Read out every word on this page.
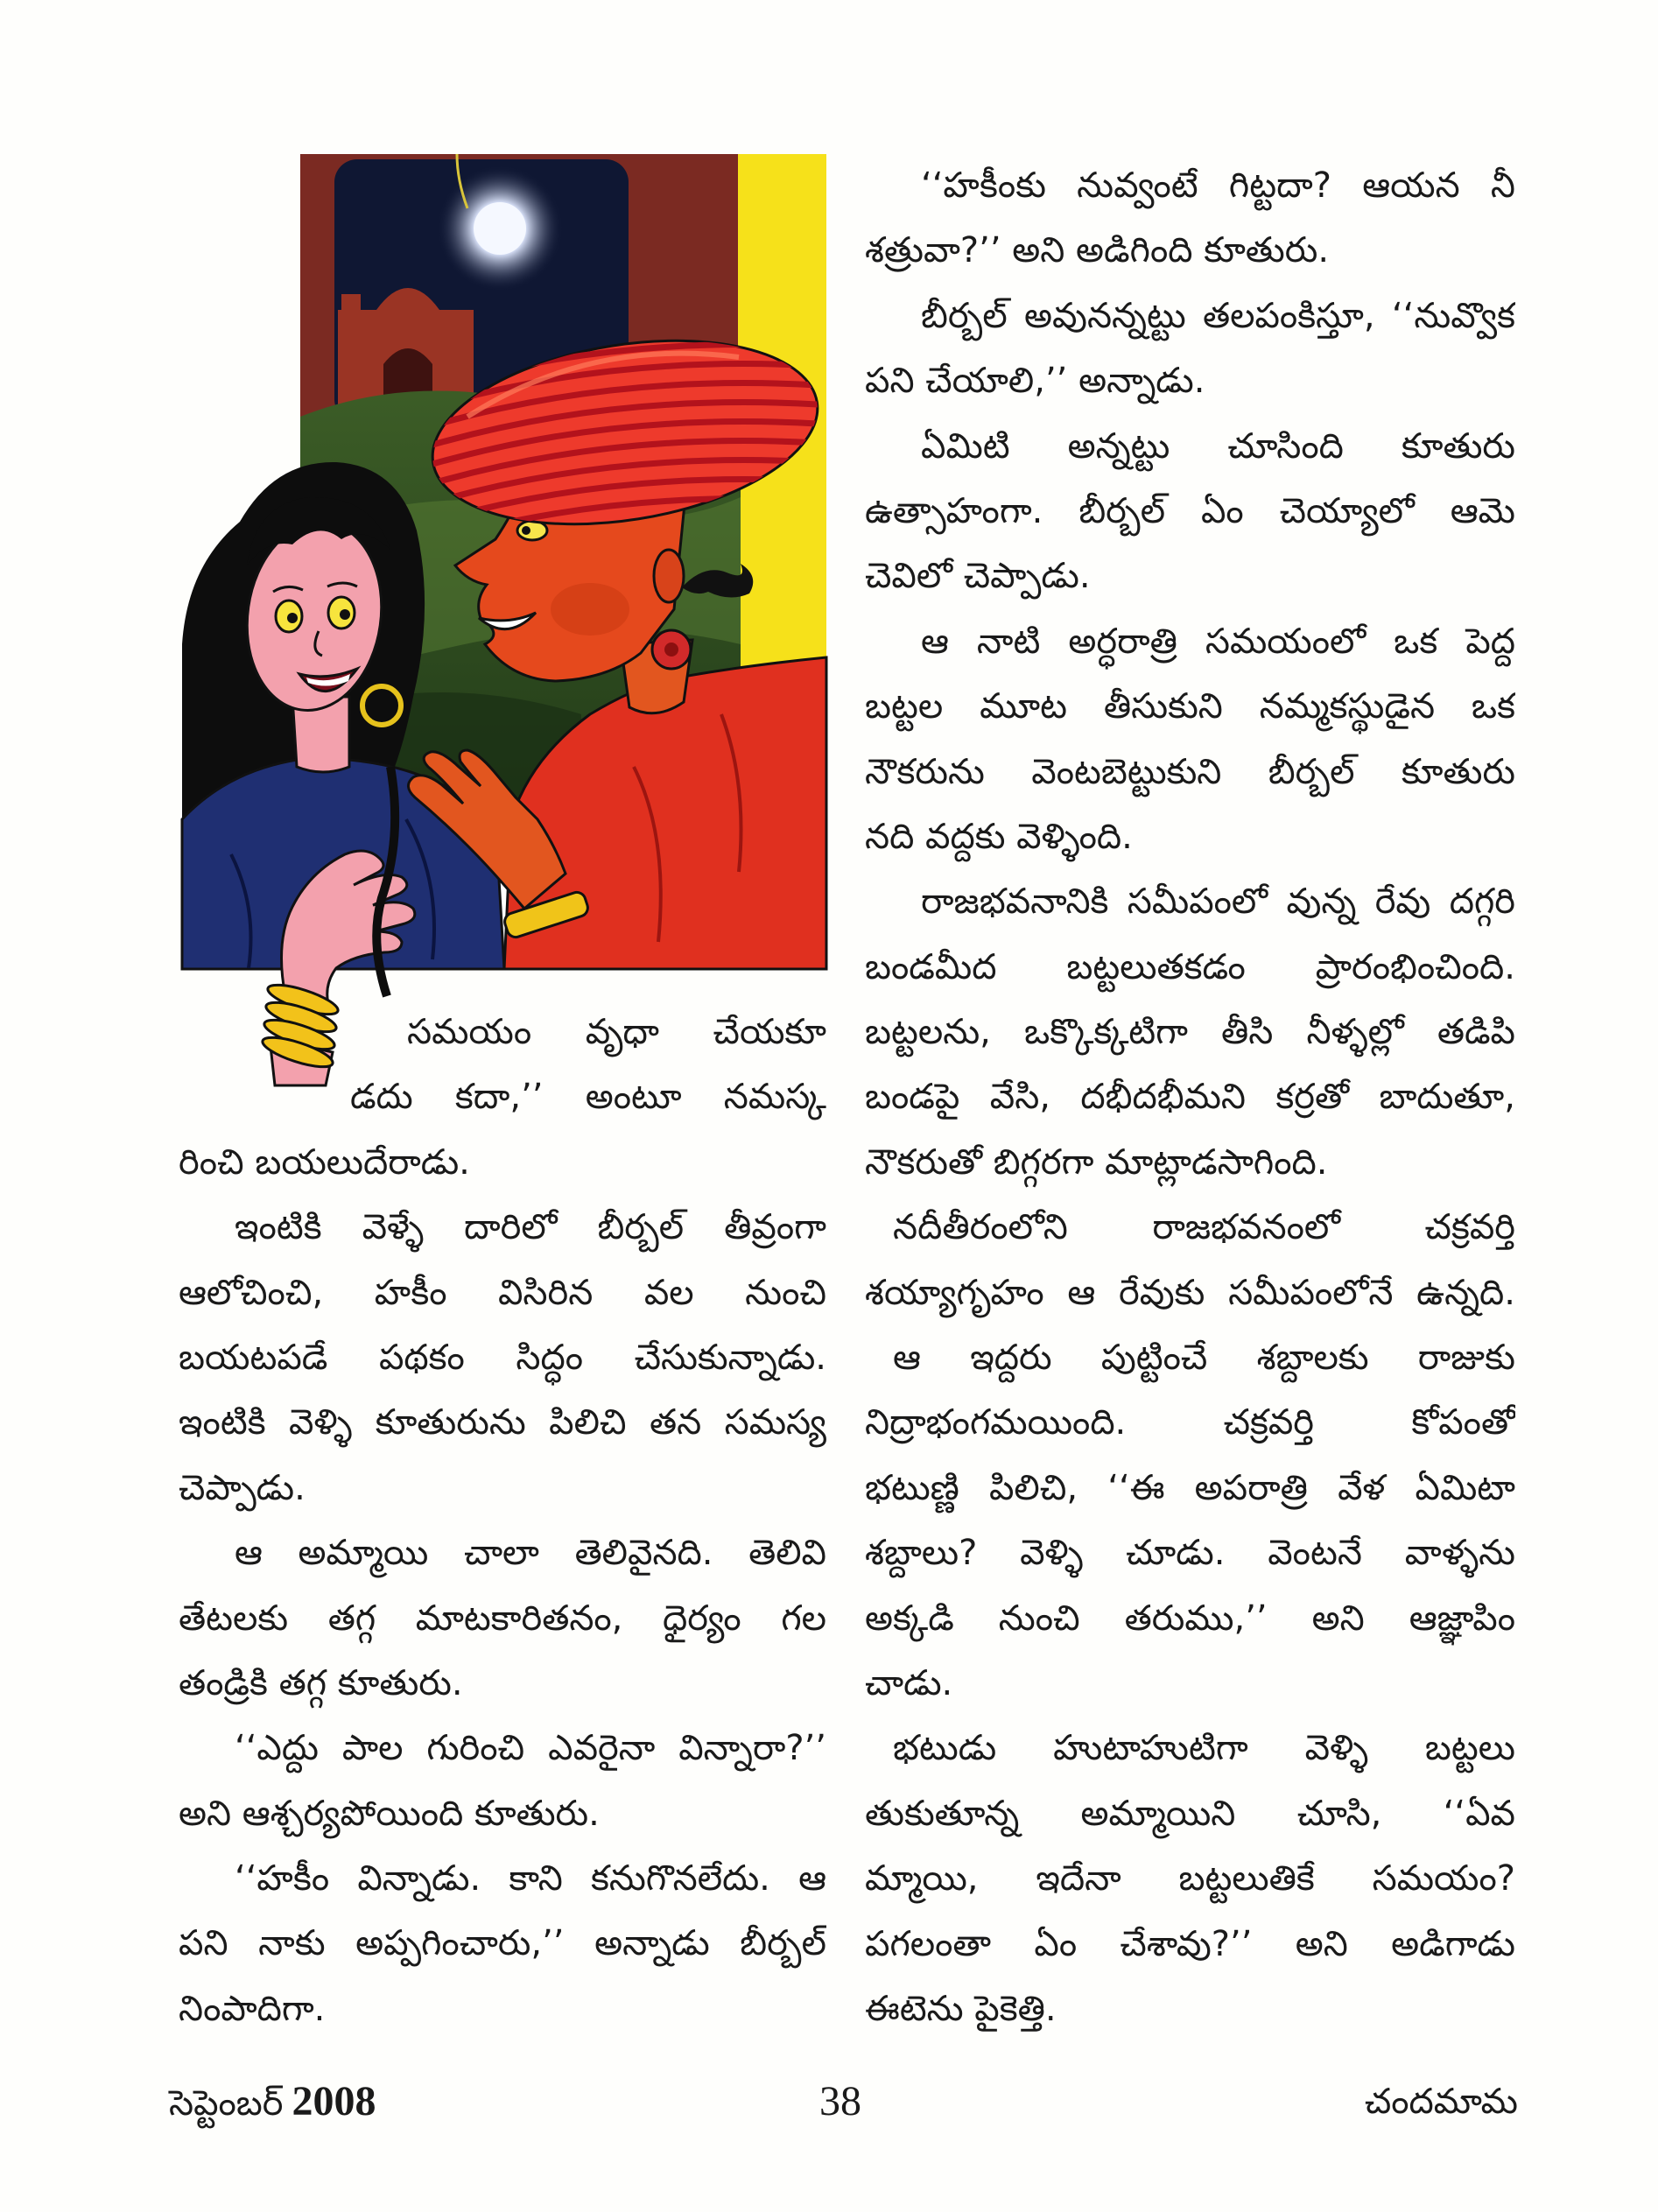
సమయం వృధా చేయకూ
డదు కదా,’’ అంటూ నమస్క
రించి బయలుదేరాడు.
ఇంటికి వెళ్ళే దారిలో బీర్బల్ తీవ్రంగా
ఆలోచించి, హకీం విసిరిన వల నుంచి
బయటపడే పథకం సిద్ధం చేసుకున్నాడు.
ఇంటికి వెళ్ళి కూతురును పిలిచి తన సమస్య
చెప్పాడు.
ఆ అమ్మాయి చాలా తెలివైనది. తెలివి
తేటలకు తగ్గ మాటకారితనం, ధైర్యం గల
తండ్రికి తగ్గ కూతురు.
‘‘ఎద్దు పాల గురించి ఎవరైనా విన్నారా?’’
అని ఆశ్చర్యపోయింది కూతురు.
‘‘హకీం విన్నాడు. కాని కనుగొనలేదు. ఆ
పని నాకు అప్పగించారు,’’ అన్నాడు బీర్బల్
నింపాదిగా.
‘‘హకీంకు నువ్వంటే గిట్టదా? ఆయన నీ
శత్రువా?’’ అని అడిగింది కూతురు.
బీర్బల్ అవునన్నట్టు తలపంకిస్తూ, ‘‘నువ్వొక
పని చేయాలి,’’ అన్నాడు.
ఏమిటి అన్నట్టు చూసింది కూతురు
ఉత్సాహంగా. బీర్బల్ ఏం చెయ్యాలో ఆమె
చెవిలో చెప్పాడు.
ఆ నాటి అర్ధరాత్రి సమయంలో ఒక పెద్ద
బట్టల మూట తీసుకుని నమ్మకస్థుడైన ఒక
నౌకరును వెంటబెట్టుకుని బీర్బల్ కూతురు
నది వద్దకు వెళ్ళింది.
రాజభవనానికి సమీపంలో వున్న రేవు దగ్గరి
బండమీద బట్టలుతకడం ప్రారంభించింది.
బట్టలను, ఒక్కొక్కటిగా తీసి నీళ్ళల్లో తడిపి
బండపై వేసి, దభీదభీమని కర్రతో బాదుతూ,
నౌకరుతో బిగ్గరగా మాట్లాడసాగింది.
నదీతీరంలోని రాజభవనంలో చక్రవర్తి
శయ్యాగృహం ఆ రేవుకు సమీపంలోనే ఉన్నది.
ఆ ఇద్దరు పుట్టించే శబ్దాలకు రాజుకు
నిద్రాభంగమయింది. చక్రవర్తి కోపంతో
భటుణ్ణి పిలిచి, ‘‘ఈ అపరాత్రి వేళ ఏమిటా
శబ్దాలు? వెళ్ళి చూడు. వెంటనే వాళ్ళను
అక్కడి నుంచి తరుము,’’ అని ఆజ్ఞాపిం
చాడు.
భటుడు హుటాహుటిగా వెళ్ళి బట్టలు
తుకుతూన్న అమ్మాయిని చూసి, ‘‘ఏవ
మ్మాయి, ఇదేనా బట్టలుతికే సమయం?
పగలంతా ఏం చేశావు?’’ అని అడిగాడు
ఈటెను పైకెత్తి.
సెప్టెంబర్ 2008	38	చందమామ
